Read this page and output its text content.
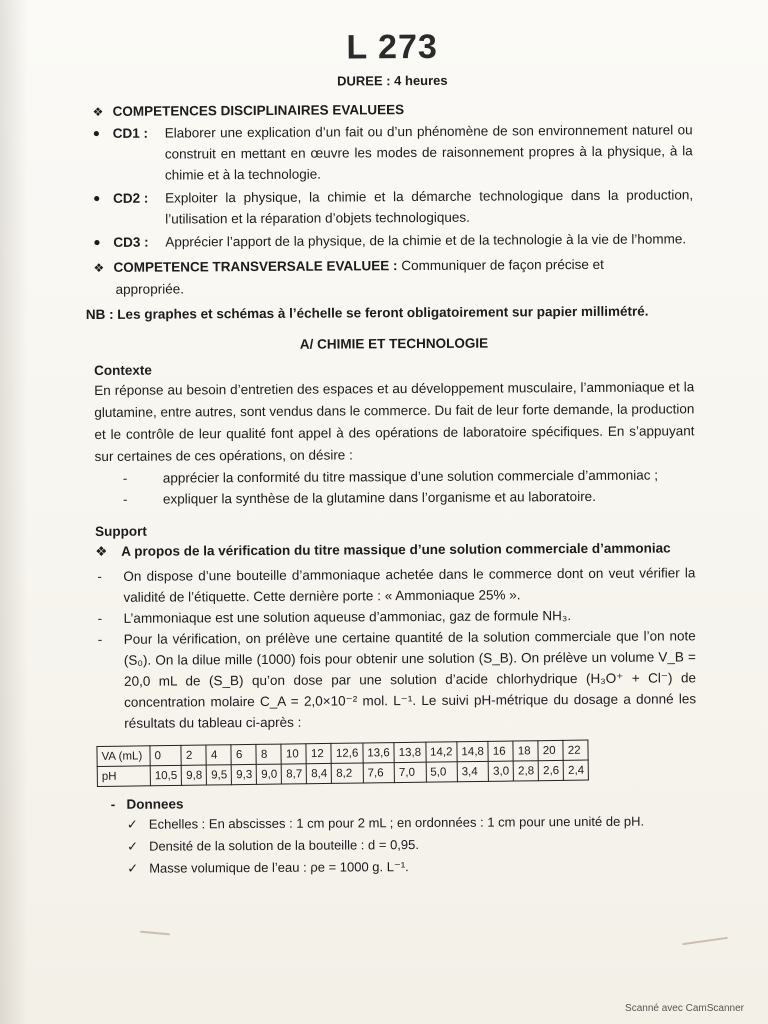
L 273
DUREE : 4 heures
❖ COMPETENCES DISCIPLINAIRES EVALUEES
● CD1 :	Elaborer une explication d’un fait ou d’un phénomène de son environnement naturel ou construit en mettant en œuvre les modes de raisonnement propres à la physique, à la chimie et à la technologie.
● CD2 :	Exploiter la physique, la chimie et la démarche technologique dans la production, l’utilisation et la réparation d’objets technologiques.
● CD3 :	Apprécier l’apport de la physique, de la chimie et de la technologie à la vie de l’homme.
❖ COMPETENCE TRANSVERSALE EVALUEE : Communiquer de façon précise et
appropriée.
NB : Les graphes et schémas à l’échelle se feront obligatoirement sur papier millimétré.
A/ CHIMIE ET TECHNOLOGIE
Contexte
En réponse au besoin d’entretien des espaces et au développement musculaire, l’ammoniaque et la glutamine, entre autres, sont vendus dans le commerce. Du fait de leur forte demande, la production et le contrôle de leur qualité font appel à des opérations de laboratoire spécifiques. En s’appuyant sur certaines de ces opérations, on désire :
-	apprécier la conformité du titre massique d’une solution commerciale d’ammoniac ;
-	expliquer la synthèse de la glutamine dans l’organisme et au laboratoire.
Support
❖	A propos de la vérification du titre massique d’une solution commerciale d’ammoniac
-	On dispose d’une bouteille d’ammoniaque achetée dans le commerce dont on veut vérifier la validité de l’étiquette. Cette dernière porte : « Ammoniaque 25% ».
-	L’ammoniaque est une solution aqueuse d’ammoniac, gaz de formule NH₃.
-	Pour la vérification, on prélève une certaine quantité de la solution commerciale que l’on note (S₀). On la dilue mille (1000) fois pour obtenir une solution (S_B). On prélève un volume V_B = 20,0 mL de (S_B) qu’on dose par une solution d’acide chlorhydrique (H₃O⁺ + Cl⁻) de concentration molaire C_A = 2,0×10⁻² mol. L⁻¹. Le suivi pH-métrique du dosage a donné les résultats du tableau ci-après :
VA (mL)	0	2	4	6	8	10	12	12,6	13,6	13,8	14,2	14,8	16	18	20	22
pH	10,5	9,8	9,5	9,3	9,0	8,7	8,4	8,2	7,6	7,0	5,0	3,4	3,0	2,8	2,6	2,4
-   Donnees
✓ Echelles : En abscisses : 1 cm pour 2 mL ; en ordonnées : 1 cm pour une unité de pH.
✓ Densité de la solution de la bouteille : d = 0,95.
✓ Masse volumique de l’eau : ρe = 1000 g. L⁻¹.
Scanné avec CamScanner
